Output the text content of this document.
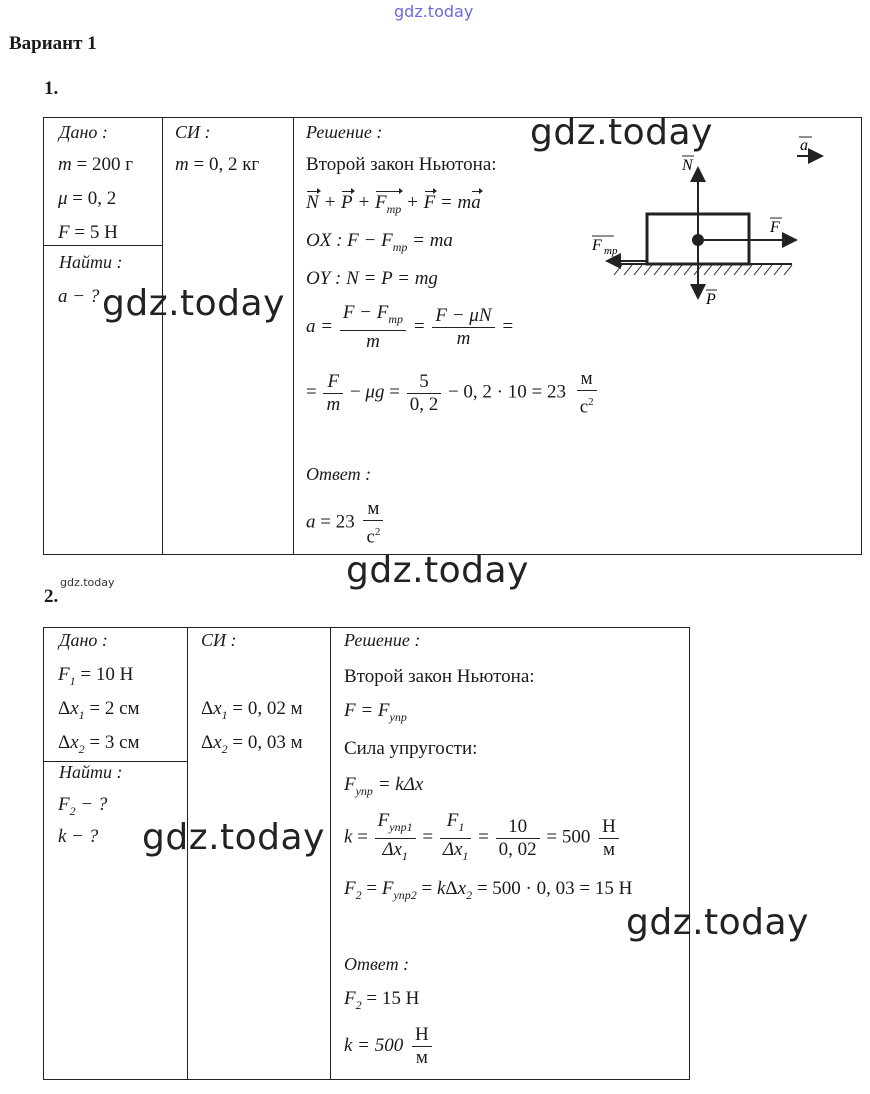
gdz.today
gdz.today
gdz.today
gdz.today
gdz.today
gdz.today
gdz.today
Вариант 1
1.
Дано :
m = 200 г
μ = 0, 2
F = 5 Н
Найти :
a − ?
СИ :
m = 0, 2 кг
Решение :
Второй закон Ньютона:
$N + P + F_{тр} + F$ = ma
OX : $F - F_{тр}$ = ma
OY : N = P = mg
$a = \frac{F - F_{тр}}{m} = \frac{F - \mu N}{m}$ =
= $\frac{F}{m} - \mu g = \frac{5}{0, 2} - 0$, $2 \cdot 10 = 23 \frac{м}{с^2}$
Ответ :
$a = 23 \frac{м}{с^2}$
N
P
F
F тр
a
2.
Дано :
$F_1 = 10$ Н
$\Delta x_1 = 2$ см
$\Delta x_2 = 3$ см
Найти :
$F_2$ − ?
k − ?
СИ :
$\Delta x_1 = 0$, 02 м
$\Delta x_2 = 0$, 03 м
Решение :
Второй закон Ньютона:
$F = F_{упр}$
Сила упругости:
$F_{упр} = k\Delta x$
$k = \frac{F_{упр1}}{\Delta x_1} = \frac{F_1}{\Delta x_1} = \frac{10}{0, 02} = 500 \frac{Н}{м}$
$F_2 = F_{упр2} = k\Delta x_2 = 500 \cdot 0$, 03 = 15 Н
Ответ :
$F_2 = 15$ Н
$k = 500 \frac{Н}{м}$
